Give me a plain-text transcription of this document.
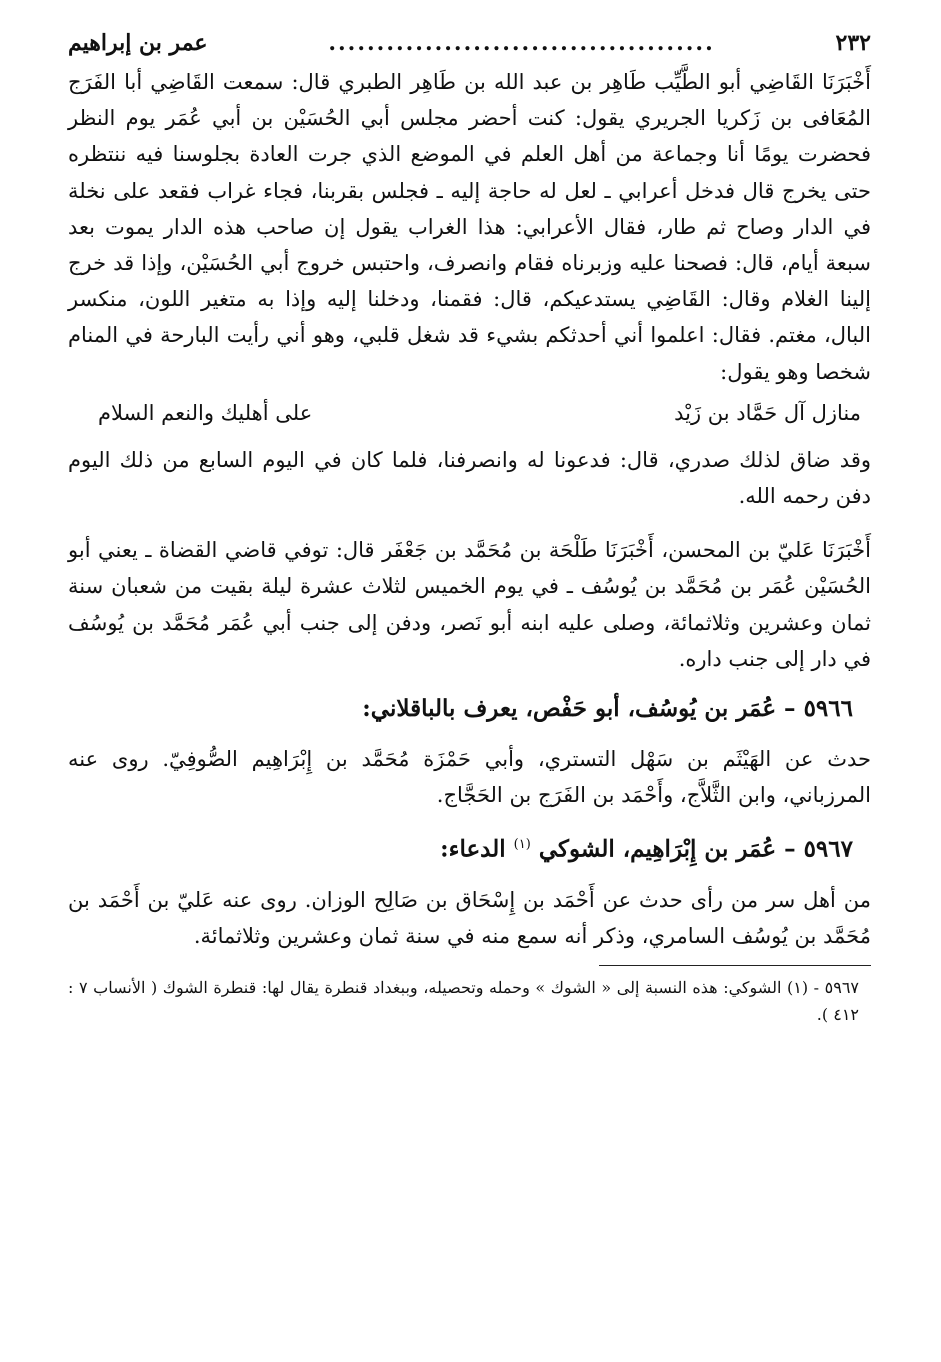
٢٣٢
........................................
عمر بن إبراهيم

أَخْبَرَنَا القَاضِي أبو الطَّيِّب طَاهِر بن عبد الله بن طَاهِر الطبري قال: سمعت القَاضِي أبا الفَرَج المُعَافى بن زَكريا الجريري يقول: كنت أحضر مجلس أبي الحُسَيْن بن أبي عُمَر يوم النظر فحضرت يومًا أنا وجماعة من أهل العلم في الموضع الذي جرت العادة بجلوسنا فيه ننتظره حتى يخرج قال فدخل أعرابي ـ لعل له حاجة إليه ـ فجلس بقربنا، فجاء غراب فقعد على نخلة في الدار وصاح ثم طار، فقال الأعرابي: هذا الغراب يقول إن صاحب هذه الدار يموت بعد سبعة أيام، قال: فصحنا عليه وزبرناه فقام وانصرف، واحتبس خروج أبي الحُسَيْن، وإذا قد خرج إلينا الغلام وقال: القَاضِي يستدعيكم، قال: فقمنا، ودخلنا إليه وإذا به متغير اللون، منكسر البال، مغتم. فقال: اعلموا أني أحدثكم بشيء قد شغل قلبي، وهو أني رأيت البارحة في المنام شخصا وهو يقول:

منازل آل حَمَّاد بن زَيْد
على أهليك والنعم السلام

وقد ضاق لذلك صدري، قال: فدعونا له وانصرفنا، فلما كان في اليوم السابع من ذلك اليوم دفن رحمه الله.

أَخْبَرَنَا عَليّ بن المحسن، أَخْبَرَنَا طَلْحَة بن مُحَمَّد بن جَعْفَر قال: توفي قاضي القضاة ـ يعني أبو الحُسَيْن عُمَر بن مُحَمَّد بن يُوسُف ـ في يوم الخميس لثلاث عشرة ليلة بقيت من شعبان سنة ثمان وعشرين وثلاثمائة، وصلى عليه ابنه أبو نَصر، ودفن إلى جنب أبي عُمَر مُحَمَّد بن يُوسُف في دار إلى جنب داره.

٥٩٦٦ – عُمَر بن يُوسُف، أبو حَفْص، يعرف بالباقلاني:

حدث عن الهَيْثَم بن سَهْل التستري، وأبي حَمْزَة مُحَمَّد بن إِبْرَاهِيم الصُّوفِيّ. روى عنه المرزباني، وابن الثَّلاَّج، وأَحْمَد بن الفَرَج بن الحَجَّاج.

٥٩٦٧ – عُمَر بن إِبْرَاهِيم، الشوكي $^{(١)}$ الدعاء:

من أهل سر من رأى حدث عن أَحْمَد بن إِسْحَاق بن صَالِح الوزان. روى عنه عَليّ بن أَحْمَد بن مُحَمَّد بن يُوسُف السامري، وذكر أنه سمع منه في سنة ثمان وعشرين وثلاثمائة.

٥٩٦٧ - (١) الشوكي: هذه النسبة إلى « الشوك » وحمله وتحصيله، وببغداد قنطرة يقال لها: قنطرة الشوك ( الأنساب ٧ : ٤١٢ ).
